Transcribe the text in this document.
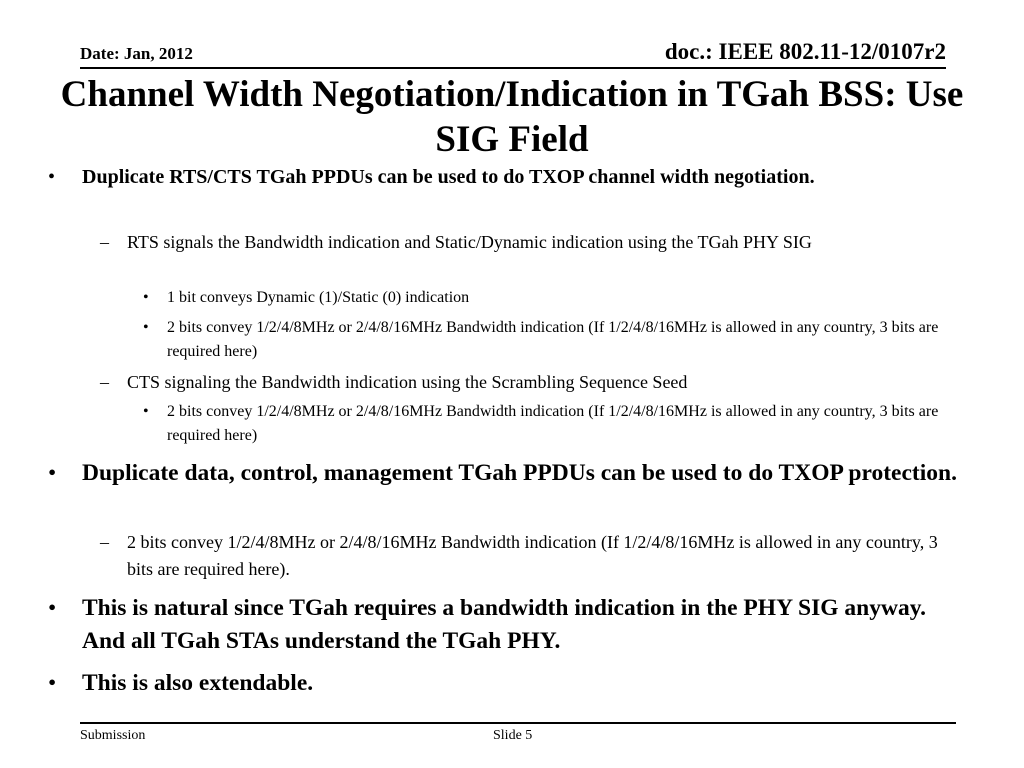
Date: Jan, 2012	doc.: IEEE 802.11-12/0107r2
Channel Width Negotiation/Indication in TGah BSS: Use
SIG Field
• Duplicate RTS/CTS TGah PPDUs can be used to do TXOP channel width negotiation.
– RTS signals the Bandwidth indication and Static/Dynamic indication using the TGah PHY SIG
• 1 bit conveys Dynamic (1)/Static (0) indication
• 2 bits convey 1/2/4/8MHz or 2/4/8/16MHz Bandwidth indication (If 1/2/4/8/16MHz is allowed in any country, 3 bits are required here)
– CTS signaling the Bandwidth indication using the Scrambling Sequence Seed
• 2 bits convey 1/2/4/8MHz or 2/4/8/16MHz Bandwidth indication (If 1/2/4/8/16MHz is allowed in any country, 3 bits are required here)
• Duplicate data, control, management TGah PPDUs can be used to do TXOP protection.
– 2 bits convey 1/2/4/8MHz or 2/4/8/16MHz Bandwidth indication (If 1/2/4/8/16MHz is allowed in any country, 3 bits are required here).
• This is natural since TGah requires a bandwidth indication in the PHY SIG anyway. And all TGah STAs understand the TGah PHY.
• This is also extendable.
Submission	Slide 5
